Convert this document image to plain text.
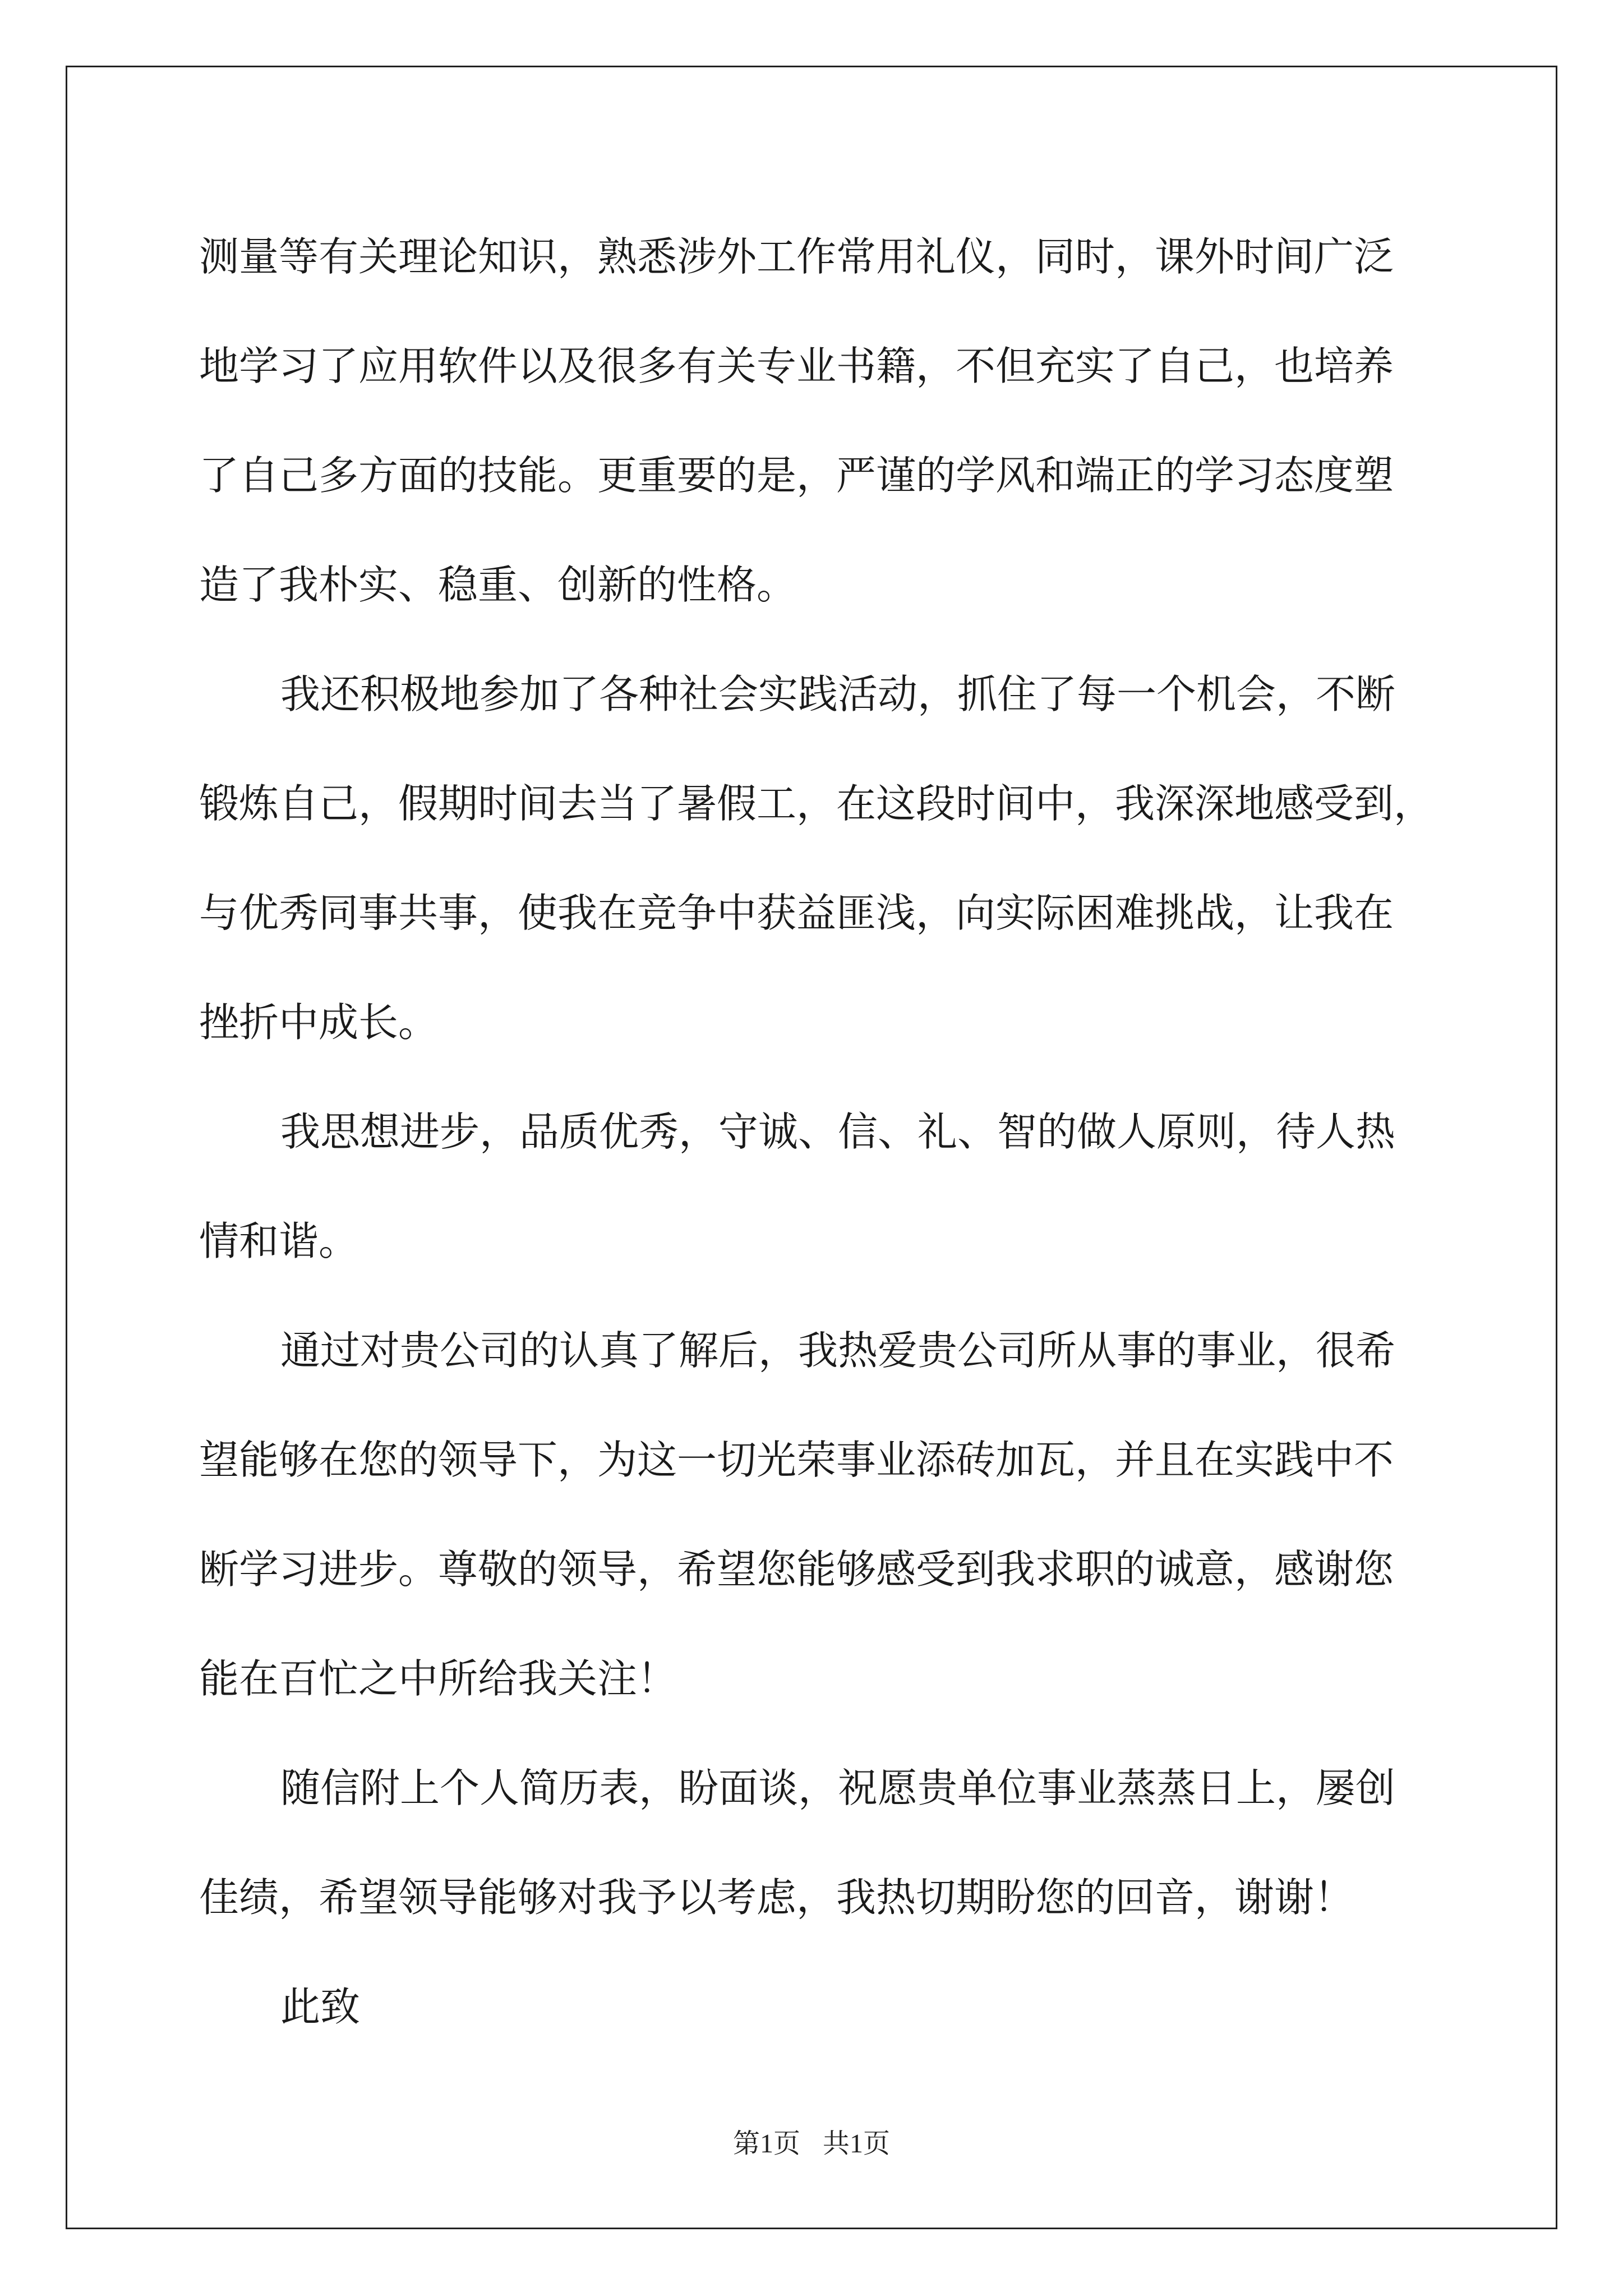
测量等有关理论知识，熟悉涉外工作常用礼仪，同时，课外时间广泛
地学习了应用软件以及很多有关专业书籍，不但充实了自己，也培养
了自己多方面的技能。更重要的是，严谨的学风和端正的学习态度塑
造了我朴实、稳重、创新的性格。
我还积极地参加了各种社会实践活动，抓住了每一个机会，不断
锻炼自己，假期时间去当了暑假工，在这段时间中，我深深地感受到，
与优秀同事共事，使我在竞争中获益匪浅，向实际困难挑战，让我在
挫折中成长。
我思想进步，品质优秀，守诚、信、礼、智的做人原则，待人热
情和谐。
通过对贵公司的认真了解后，我热爱贵公司所从事的事业，很希
望能够在您的领导下，为这一切光荣事业添砖加瓦，并且在实践中不
断学习进步。尊敬的领导，希望您能够感受到我求职的诚意，感谢您
能在百忙之中所给我关注！
随信附上个人简历表，盼面谈，祝愿贵单位事业蒸蒸日上，屡创
佳绩，希望领导能够对我予以考虑，我热切期盼您的回音，谢谢！
此致
第1页 共1页
